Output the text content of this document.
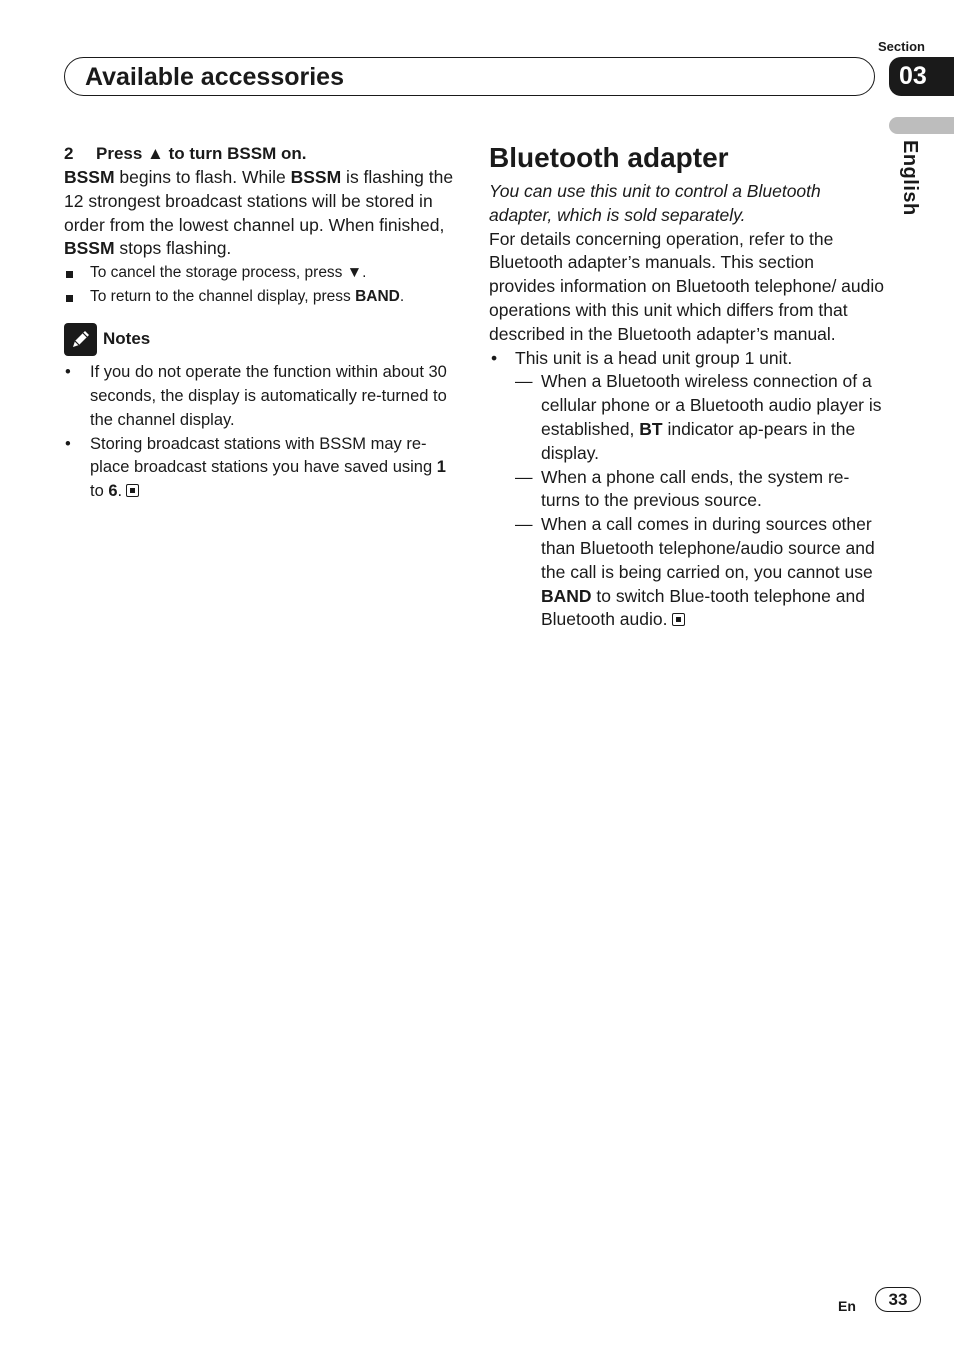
Section
03
Available accessories
English

2 Press ▲ to turn BSSM on.

BSSM begins to flash. While BSSM is flashing the 12 strongest broadcast stations will be stored in order from the lowest channel up. When finished, BSSM stops flashing.

To cancel the storage process, press ▼.
To return to the channel display, press BAND.
Notes
• If you do not operate the function within about 30 seconds, the display is automatically re-turned to the channel display.
• Storing broadcast stations with BSSM may re-place broadcast stations you have saved using 1 to 6.
Bluetooth adapter

You can use this unit to control a Bluetooth adapter, which is sold separately.

For details concerning operation, refer to the Bluetooth adapter’s manuals. This section provides information on Bluetooth telephone/ audio operations with this unit which differs from that described in the Bluetooth adapter’s manual.

• This unit is a head unit group 1 unit.
— When a Bluetooth wireless connection of a cellular phone or a Bluetooth audio player is established, BT indicator ap-pears in the display.
— When a phone call ends, the system re-turns to the previous source.
— When a call comes in during sources other than Bluetooth telephone/audio source and the call is being carried on, you cannot use BAND to switch Blue-tooth telephone and Bluetooth audio.
En	33
